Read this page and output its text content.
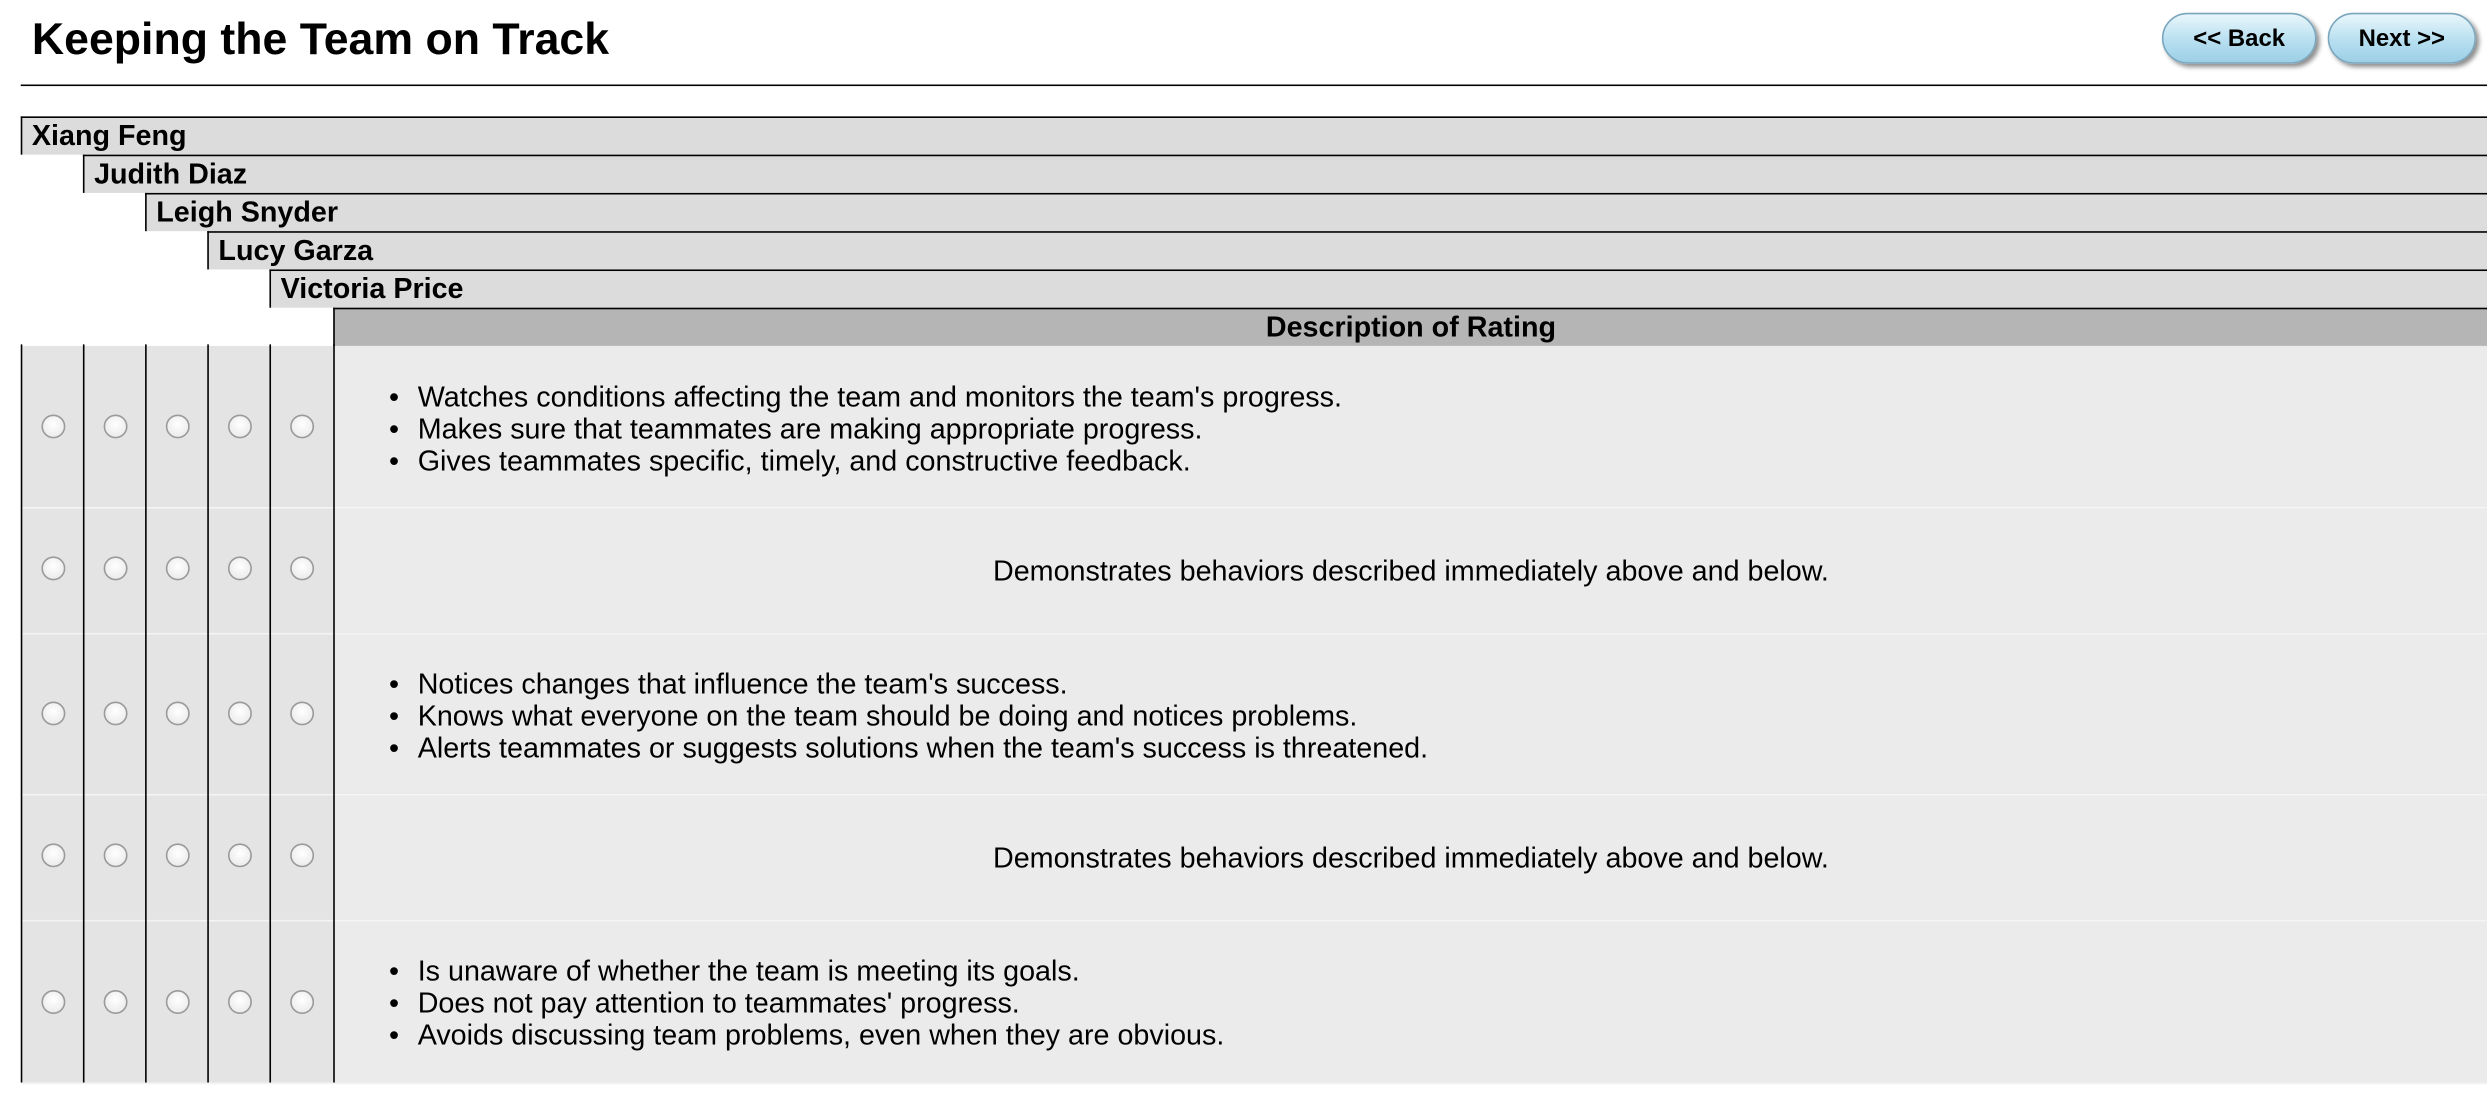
Keeping the Team on Track	<< Back	Next >>
Xiang Feng
Judith Diaz
Leigh Snyder
Lucy Garza
Victoria Price
Description of Rating
• Watches conditions affecting the team and monitors the team's progress.
• Makes sure that teammates are making appropriate progress.
• Gives teammates specific, timely, and constructive feedback.
Demonstrates behaviors described immediately above and below.
• Notices changes that influence the team's success.
• Knows what everyone on the team should be doing and notices problems.
• Alerts teammates or suggests solutions when the team's success is threatened.
Demonstrates behaviors described immediately above and below.
• Is unaware of whether the team is meeting its goals.
• Does not pay attention to teammates' progress.
• Avoids discussing team problems, even when they are obvious.
